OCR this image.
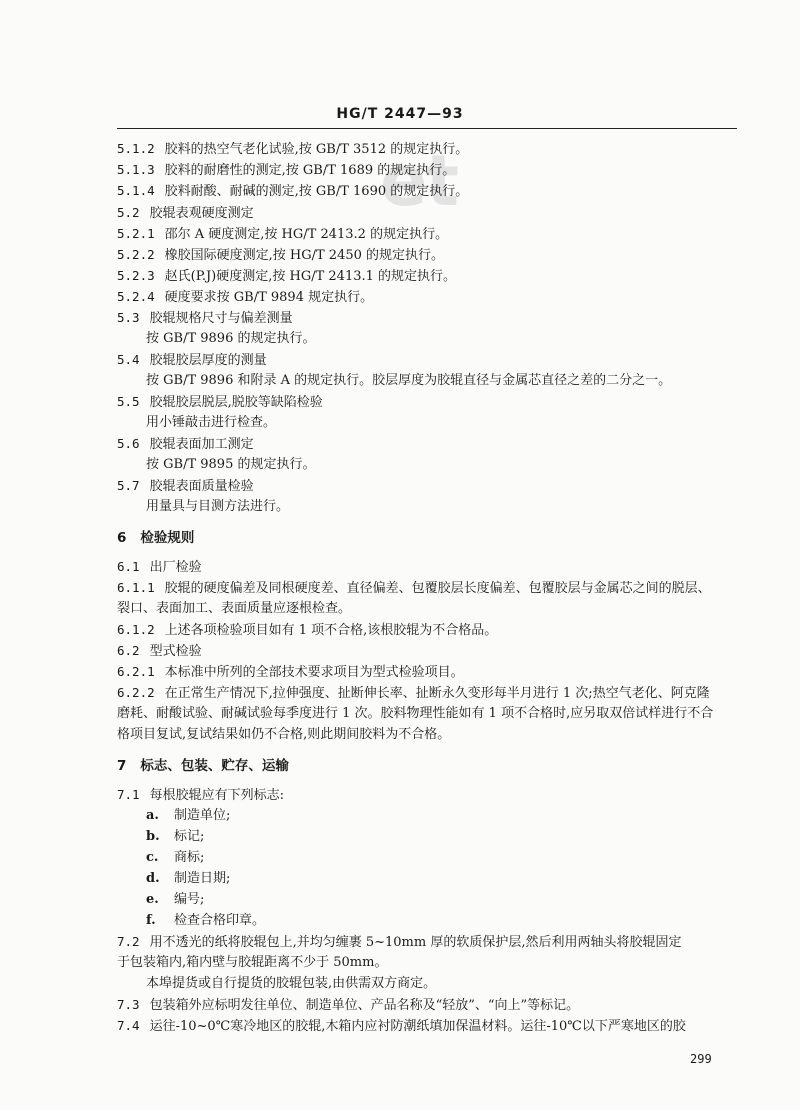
HG/T 2447—93
et
5.1.2 胶料的热空气老化试验,按 GB/T 3512 的规定执行。
5.1.3 胶料的耐磨性的测定,按 GB/T 1689 的规定执行。
5.1.4 胶料耐酸、耐碱的测定,按 GB/T 1690 的规定执行。
5.2 胶辊表观硬度测定
5.2.1 邵尔 A 硬度测定,按 HG/T 2413.2 的规定执行。
5.2.2 橡胶国际硬度测定,按 HG/T 2450 的规定执行。
5.2.3 赵氏(P.J)硬度测定,按 HG/T 2413.1 的规定执行。
5.2.4 硬度要求按 GB/T 9894 规定执行。
5.3 胶辊规格尺寸与偏差测量
按 GB/T 9896 的规定执行。
5.4 胶辊胶层厚度的测量
按 GB/T 9896 和附录 A 的规定执行。胶层厚度为胶辊直径与金属芯直径之差的二分之一。
5.5 胶辊胶层脱层,脱胶等缺陷检验
用小锤敲击进行检查。
5.6 胶辊表面加工测定
按 GB/T 9895 的规定执行。
5.7 胶辊表面质量检验
用量具与目测方法进行。
6 检验规则
6.1 出厂检验
6.1.1 胶辊的硬度偏差及同根硬度差、直径偏差、包覆胶层长度偏差、包覆胶层与金属芯之间的脱层、
裂口、表面加工、表面质量应逐根检查。
6.1.2 上述各项检验项目如有 1 项不合格,该根胶辊为不合格品。
6.2 型式检验
6.2.1 本标准中所列的全部技术要求项目为型式检验项目。
6.2.2 在正常生产情况下,拉伸强度、扯断伸长率、扯断永久变形每半月进行 1 次;热空气老化、阿克隆
磨耗、耐酸试验、耐碱试验每季度进行 1 次。胶料物理性能如有 1 项不合格时,应另取双倍试样进行不合
格项目复试,复试结果如仍不合格,则此期间胶料为不合格。
7 标志、包装、贮存、运输
7.1 每根胶辊应有下列标志:
a. 制造单位;
b. 标记;
c. 商标;
d. 制造日期;
e. 编号;
f. 检查合格印章。
7.2 用不透光的纸将胶辊包上,并均匀缠裹 5~10mm 厚的软质保护层,然后利用两轴头将胶辊固定
于包装箱内,箱内壁与胶辊距离不少于 50mm。
本埠提货或自行提货的胶辊包装,由供需双方商定。
7.3 包装箱外应标明发往单位、制造单位、产品名称及“轻放”、“向上”等标记。
7.4 运往-10~0℃寒冷地区的胶辊,木箱内应衬防潮纸填加保温材料。运往-10℃以下严寒地区的胶
299
